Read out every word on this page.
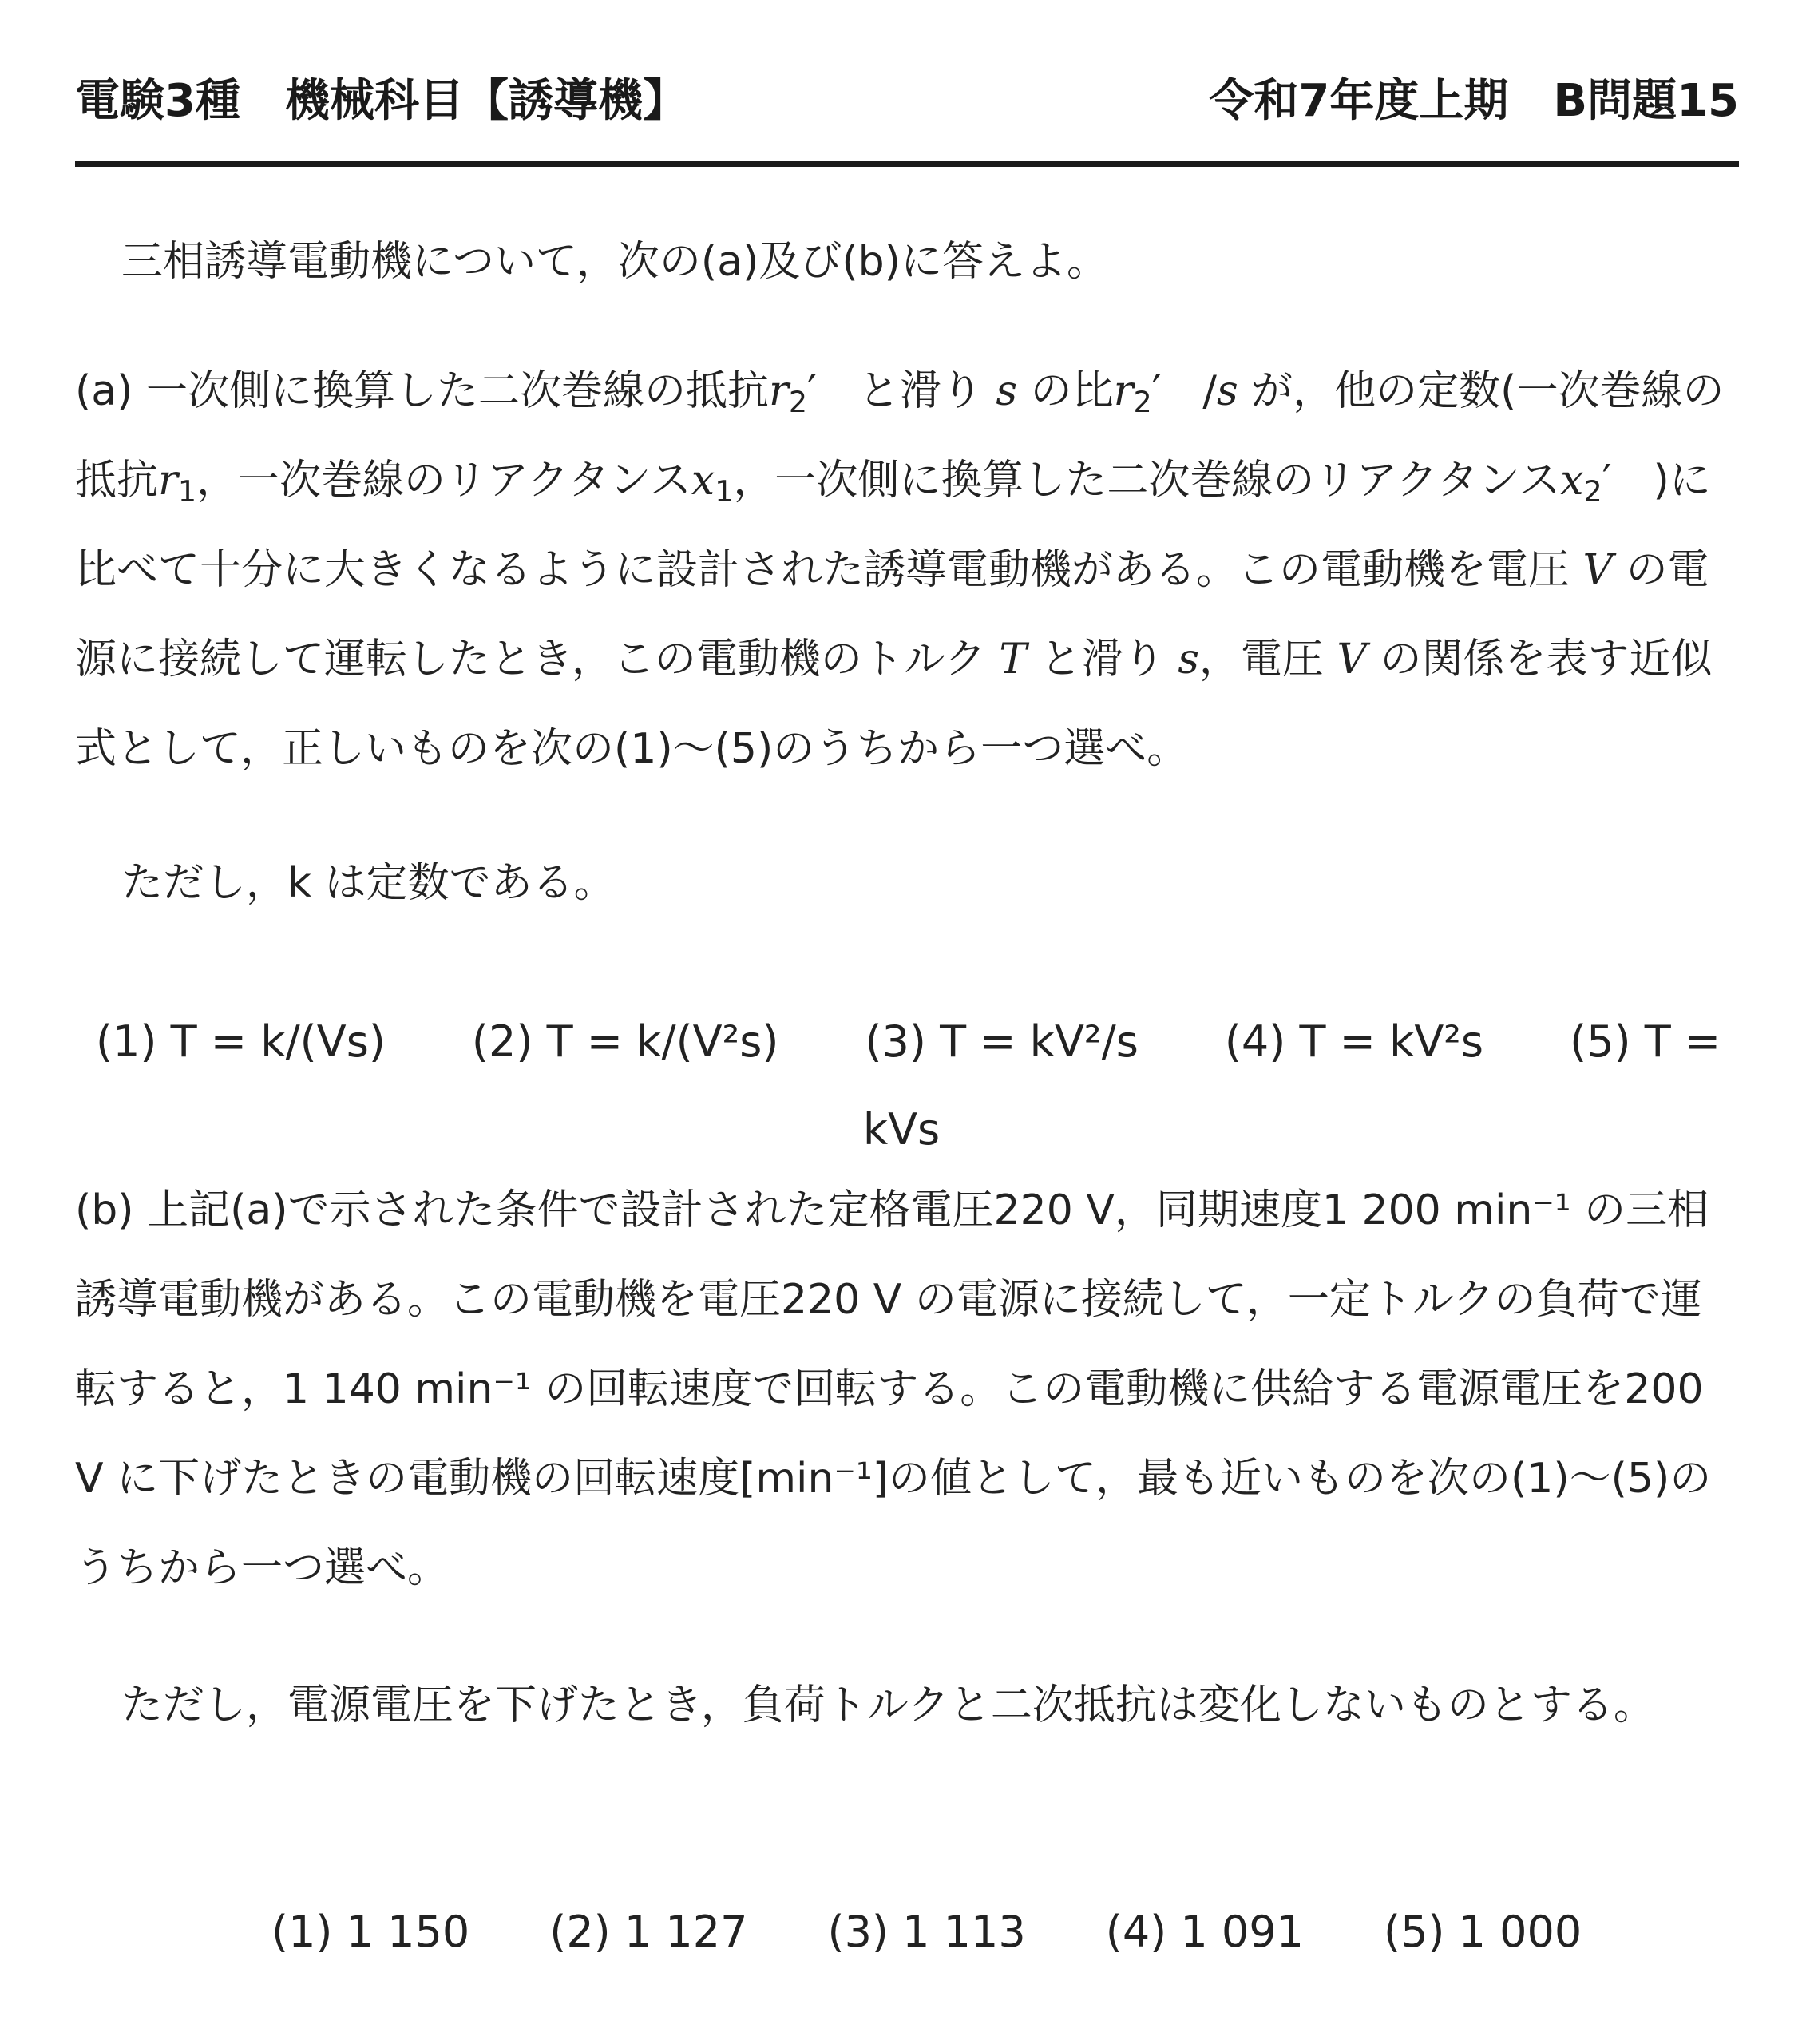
電験3種　機械科目【誘導機】	令和7年度上期　B問題15
三相誘導電動機について，次の(a)及び(b)に答えよ。
(a) 一次側に換算した二次巻線の抵抗$r_2'$　と滑り s の比$r_2'$　/s が，他の定数(一次巻線の抵抗$r_1$，一次巻線のリアクタンス$x_1$，一次側に換算した二次巻線のリアクタンス$x_2'$　)に比べて十分に大きくなるように設計された誘導電動機がある。この電動機を電圧 V の電源に接続して運転したとき，この電動機のトルク T と滑り s，電圧 V の関係を表す近似式として，正しいものを次の(1)～(5)のうちから一つ選べ。
ただし，k は定数である。
(1) T = k/(Vs) (2) T = k/(V²s) (3) T = kV²/s (4) T = kV²s (5) T =
kVs
(b) 上記(a)で示された条件で設計された定格電圧220 V，同期速度1 200 min⁻¹ の三相誘導電動機がある。この電動機を電圧220 V の電源に接続して，一定トルクの負荷で運転すると，1 140 min⁻¹ の回転速度で回転する。この電動機に供給する電源電圧を200 V に下げたときの電動機の回転速度[min⁻¹]の値として，最も近いものを次の(1)～(5)のうちから一つ選べ。
ただし，電源電圧を下げたとき，負荷トルクと二次抵抗は変化しないものとする。
(1) 1 150 (2) 1 127 (3) 1 113 (4) 1 091 (5) 1 000
